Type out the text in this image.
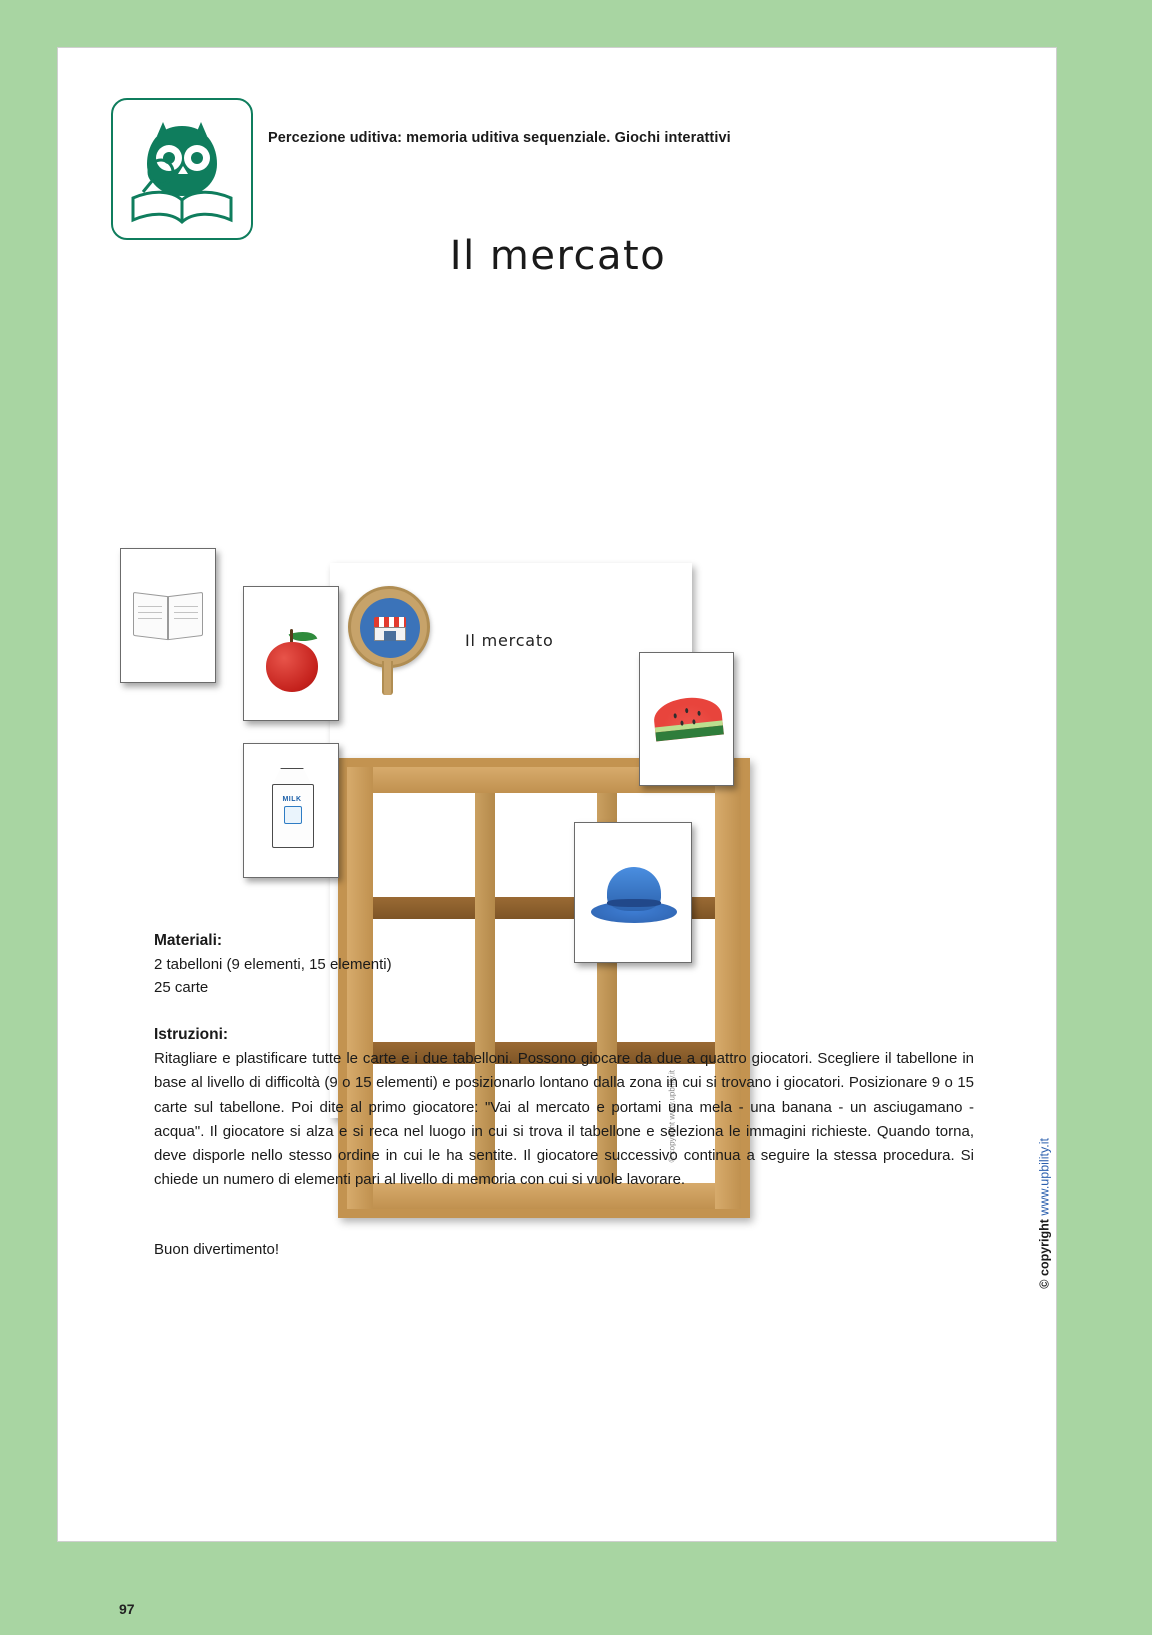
Percezione uditiva: memoria uditiva sequenziale. Giochi interattivi
Il mercato
Il mercato
© copyright www.upbility.it
MILK

Materiali:

2 tabelloni (9 elementi, 15 elementi)

25 carte

Istruzioni:

Ritagliare e plastificare tutte le carte e i due tabelloni. Possono giocare da due a quattro giocatori. Scegliere il tabellone in base al livello di difficoltà (9 o 15 elementi) e posizionarlo lontano dalla zona in cui si trovano i giocatori. Posizionare 9 o 15 carte sul tabellone. Poi dite al primo giocatore: "Vai al mercato e portami una mela - una banana - un asciugamano - acqua". Il giocatore si alza e si reca nel luogo in cui si trova il tabellone e seleziona le immagini richieste. Quando torna, deve disporle nello stesso ordine in cui le ha sentite. Il giocatore successivo continua a seguire la stessa procedura. Si chiede un numero di elementi pari al livello di memoria con cui si vuole lavorare.

Buon divertimento!	© copyright www.upbility.it
97
